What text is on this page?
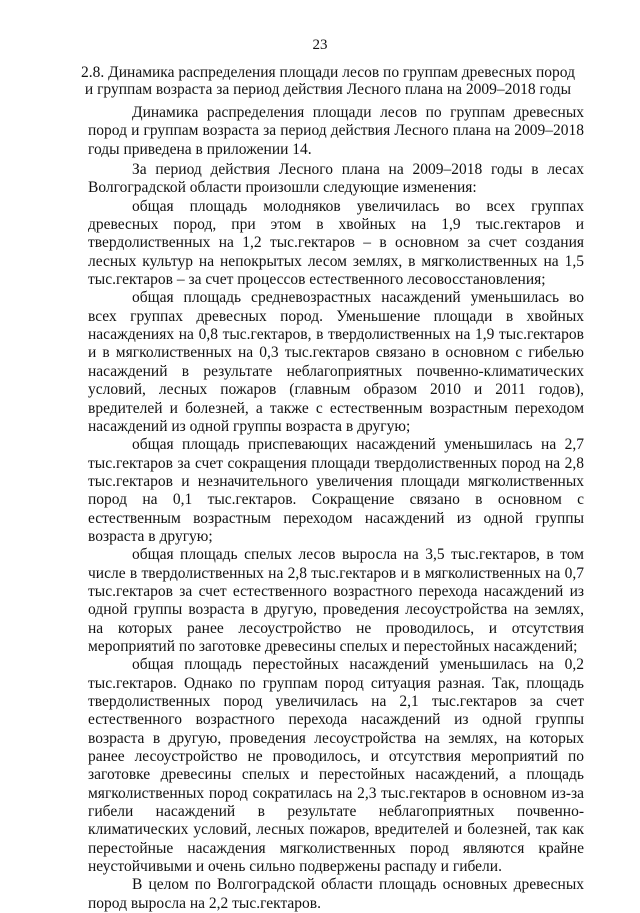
23
2.8. Динамика распределения площади лесов по группам древесных пород
и группам возраста за период действия Лесного плана на 2009–2018 годы

Динамика распределения площади лесов по группам древесных пород и группам возраста за период действия Лесного плана на 2009–2018 годы приведена в приложении 14.

За период действия Лесного плана на 2009–2018 годы в лесах Волгоградской области произошли следующие изменения:

общая площадь молодняков увеличилась во всех группах древесных пород, при этом в хвойных на 1,9 тыс.гектаров и твердолиственных на 1,2 тыс.гектаров – в основном за счет создания лесных культур на непокрытых лесом землях, в мягколиственных на 1,5 тыс.гектаров – за счет процессов естественного лесовосстановления;

общая площадь средневозрастных насаждений уменьшилась во всех группах древесных пород. Уменьшение площади в хвойных насаждениях на 0,8 тыс.гектаров, в твердолиственных на 1,9 тыс.гектаров и в мягколиственных на 0,3 тыс.гектаров связано в основном с гибелью насаждений в результате неблагоприятных почвенно-климатических условий, лесных пожаров (главным образом 2010 и 2011 годов), вредителей и болезней, а также с естественным возрастным переходом насаждений из одной группы возраста в другую;

общая площадь приспевающих насаждений уменьшилась на 2,7 тыс.гектаров за счет сокращения площади твердолиственных пород на 2,8 тыс.гектаров и незначительного увеличения площади мягколиственных пород на 0,1 тыс.гектаров. Сокращение связано в основном с естественным возрастным переходом насаждений из одной группы возраста в другую;

общая площадь спелых лесов выросла на 3,5 тыс.гектаров, в том числе в твердолиственных на 2,8 тыс.гектаров и в мягколиственных на 0,7 тыс.гектаров за счет естественного возрастного перехода насаждений из одной группы возраста в другую, проведения лесоустройства на землях, на которых ранее лесоустройство не проводилось, и отсутствия мероприятий по заготовке древесины спелых и перестойных насаждений;

общая площадь перестойных насаждений уменьшилась на 0,2 тыс.гектаров. Однако по группам пород ситуация разная. Так, площадь твердолиственных пород увеличилась на 2,1 тыс.гектаров за счет естественного возрастного перехода насаждений из одной группы возраста в другую, проведения лесоустройства на землях, на которых ранее лесоустройство не проводилось, и отсутствия мероприятий по заготовке древесины спелых и перестойных насаждений, а площадь мягколиственных пород сократилась на 2,3 тыс.гектаров в основном из-за гибели насаждений в результате неблагоприятных почвенно-климатических условий, лесных пожаров, вредителей и болезней, так как перестойные насаждения мягколиственных пород являются крайне неустойчивыми и очень сильно подвержены распаду и гибели.

В целом по Волгоградской области площадь основных древесных пород выросла на 2,2 тыс.гектаров.
